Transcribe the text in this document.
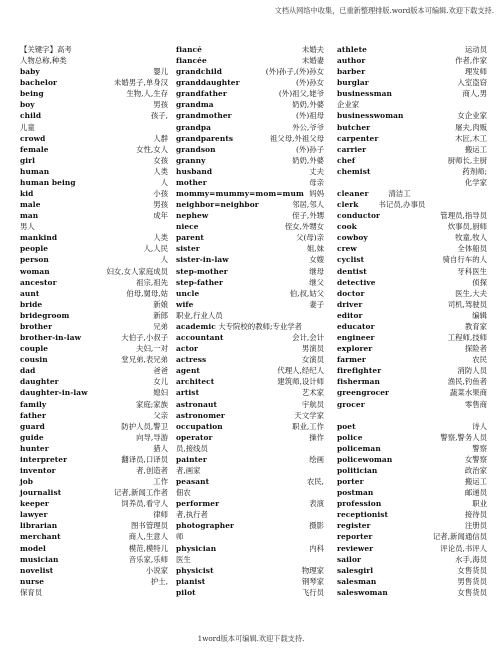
文档从网络中收集，已重新整理排版.word版本可编辑.欢迎下载支持.
【关键字】高考
人物总称,种类
baby	婴儿
bachelor	未婚男子,单身汉
being	生物,人,生存
boy	男孩
child	孩子,
儿童
crowd	人群
female	女性,女人
girl	女孩
human	人类
human being	人
kid	小孩
male	男孩
man	成年
男人
mankind	人类
people	人,人民
person	人
woman	妇女,女人家庭成员
ancestor	祖宗,祖先
aunt	伯母,舅母,姑
bride	新娘
bridegroom	新郎
brother	兄弟
brother-in-law	大伯子,小叔子
couple	夫妇,一对
cousin	堂兄弟,表兄弟
dad	爸爸
daughter	女儿
daughter-in-law	媳妇
family	家庭;家族
father	父亲
guard	防护人员,警卫
guide	向导,导游
hunter	猎人
interpreter	翻译员,口译员
inventor	者,创造者
job	工作
journalist	记者,新闻工作者
keeper	饲养员,看守人
lawyer	律师
librarian	图书管理员
merchant	商人,生意人
model	模范,模特儿
musician	音乐家,乐师
novelist	小说家
nurse	护士,
保育员
fiancé	未婚夫
fiancée	未婚妻
grandchild	(外)孙子,(外)孙女
granddaughter	(外)孙女
grandfather	(外)祖父,姥爷
grandma	奶奶,外婆
grandmother	(外)祖母
grandpa	外公,爷爷
grandparents	祖父母,外祖父母
grandson	(外)孙子
granny	奶奶,外婆
husband	丈夫
mother	母亲
mommy=mummy=mom=mum 妈妈
neighbor=neighbor	邻居,邻人
nephew	侄子,外甥
niece	侄女,外甥女
parent	父(母)亲
sister	姐,妹
sister-in-law	女嫂
step-mother	继母
step-father	继父
uncle	伯,叔,姑父
wife	妻子
职业,行业人员
academic 大专院校的教师;专业学者
accountant	会计,会计
actor	男演员
actress	女演员
agent	代理人,经纪人
architect	建筑师,设计师
artist	艺术家
astronaut	宇航员
astronomer	天文学家
occupation	职业,工作
operator	操作
员,接线员
painter	绘画
者,画家
peasant	农民,
佃农
performer	表演
者,执行者
photographer	摄影
师
physician	内科
医生
physicist	物理家
pianist	钢琴家
pilot	飞行员
athlete	运动员
author	作者,作家
barber	理发师
burglar	入室盗窃
businessman	商人,男
企业家
businesswoman	女企业家
butcher	屠夫,肉贩
carpenter	木匠,木工
carrier	搬运工
chef	厨师长,主厨
chemist	药剂师;
化学家
cleaner	清洁工
clerk	书记员,办事员
conductor	管理员,指导员
cook	炊事员,厨师
cowboy	牧童,牧人
crew	全体船员
cyclist	骑自行车的人
dentist	牙科医生
detective	侦探
doctor	医生,大夫
driver	司机,驾驶员
editor	编辑
educator	教育家
engineer	工程师,技师
explorer	探险者
farmer	农民
firefighter	消防人员
fisherman	渔民,钓鱼者
greengrocer	蔬菜水果商
grocer	零售商
poet	诗人
police	警察,警务人员
policeman	警察
policewoman	女警察
politician	政治家
porter	搬运工
postman	邮递员
profession	职业
receptionist	接待员
register	注册员
reporter	记者,新闻通信员
reviewer	评论员,书评人
sailor	水手,海员
salesgirl	女售货员
salesman	男售货员
saleswoman	女售货员
1word版本可编辑.欢迎下载支持.
